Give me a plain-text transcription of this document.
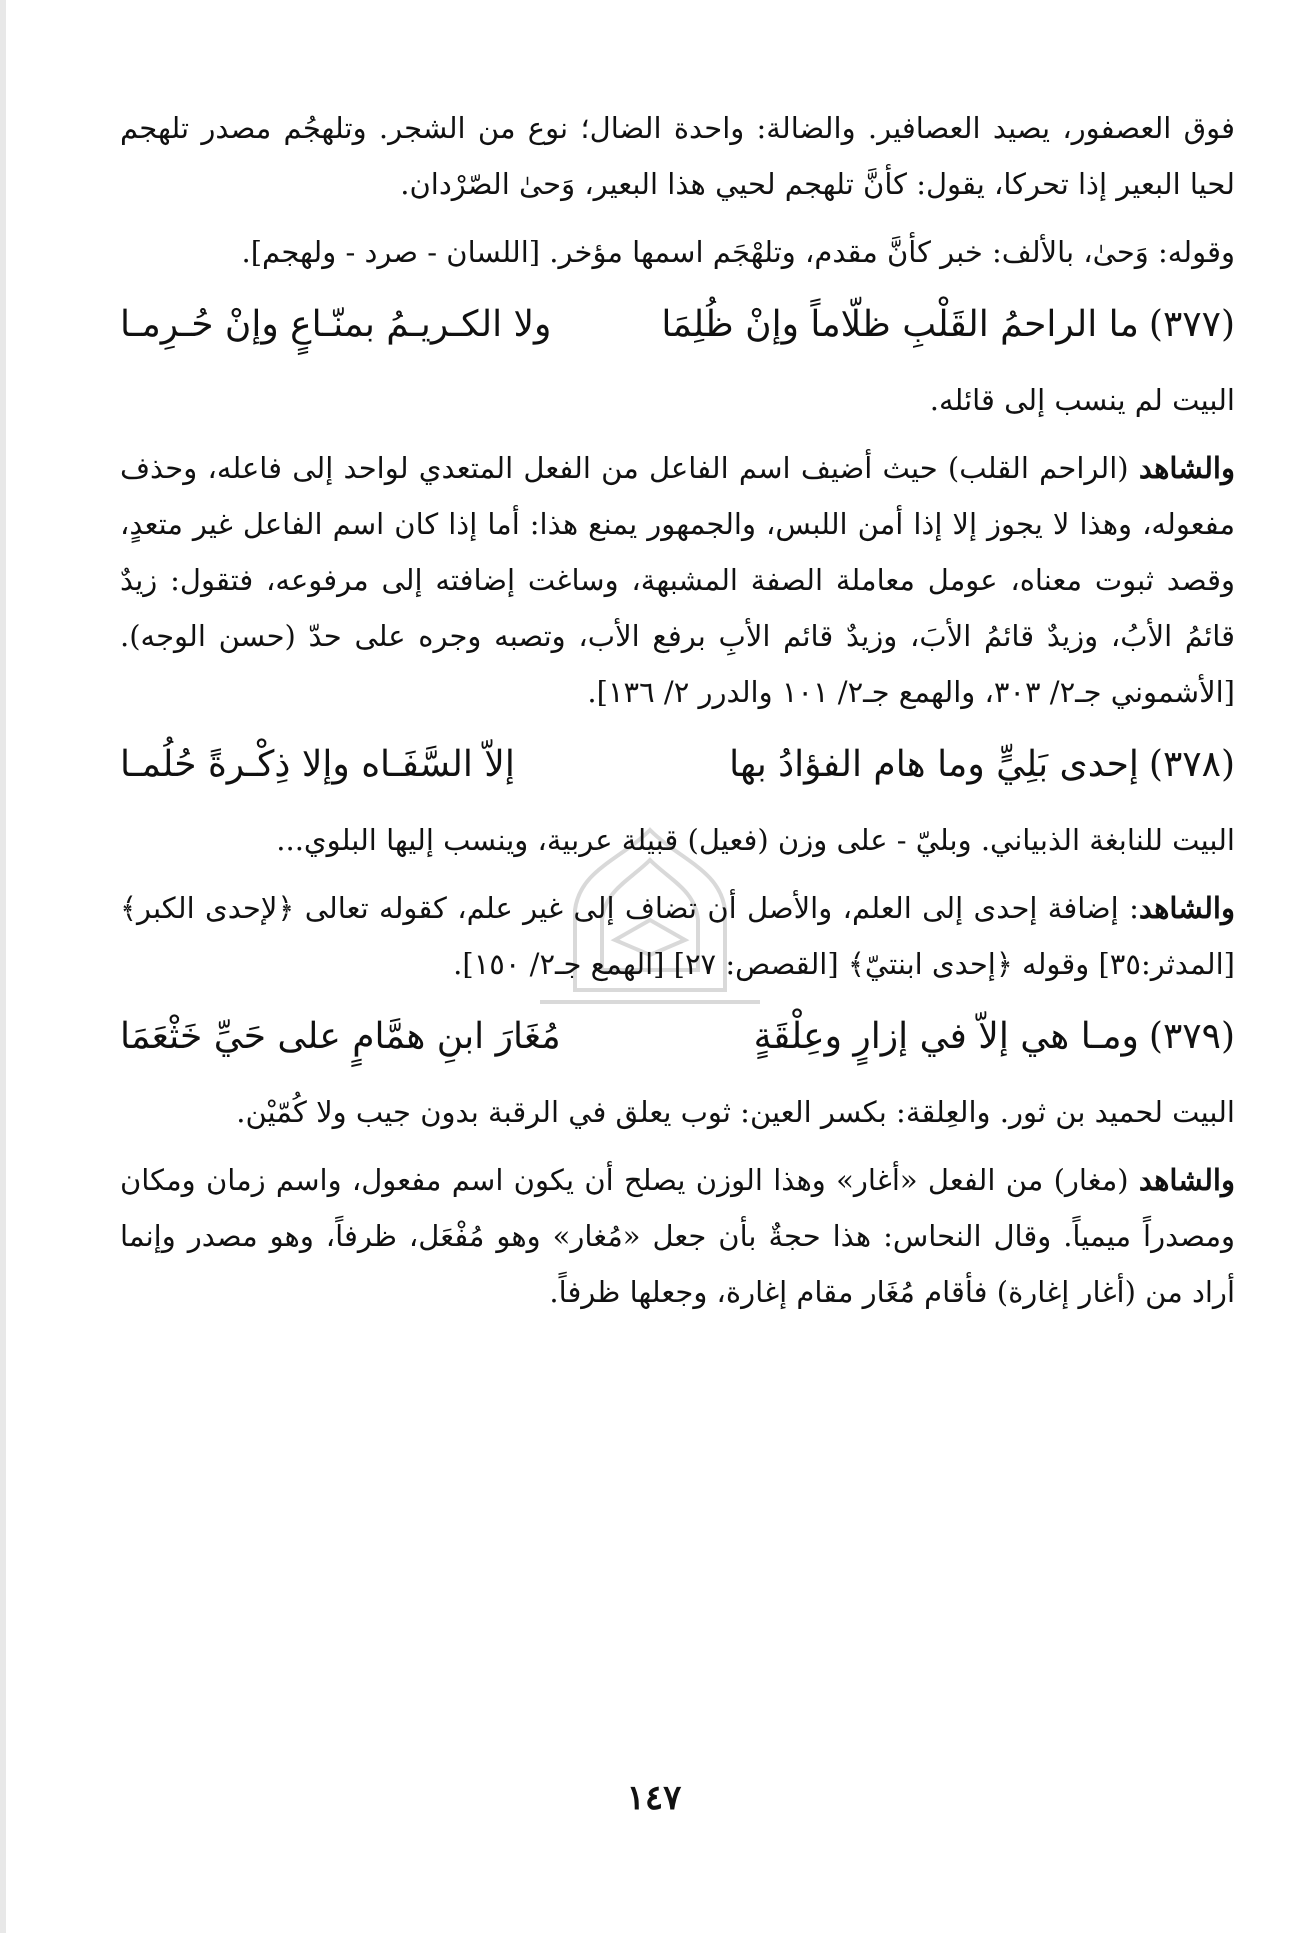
فوق العصفور، يصيد العصافير. والضالة: واحدة الضال؛ نوع من الشجر. وتلهجُم مصدر تلهجم لحيا البعير إذا تحركا، يقول: كأنَّ تلهجم لحيي هذا البعير، وَحىٰ الصّرْدان.

وقوله: وَحىٰ، بالألف: خبر كأنَّ مقدم، وتلهْجَم اسمها مؤخر. [اللسان - صرد - ولهجم].

(٣٧٧)
ما الراحمُ القَلْبِ ظلّاماً وإنْ ظُلِمَا
ولا الكـريـمُ بمنّـاعٍ وإنْ حُـرِمـا

البيت لم ينسب إلى قائله.

والشاهد (الراحم القلب) حيث أضيف اسم الفاعل من الفعل المتعدي لواحد إلى فاعله، وحذف مفعوله، وهذا لا يجوز إلا إذا أمن اللبس، والجمهور يمنع هذا: أما إذا كان اسم الفاعل غير متعدٍ، وقصد ثبوت معناه، عومل معاملة الصفة المشبهة، وساغت إضافته إلى مرفوعه، فتقول: زيدٌ قائمُ الأبُ، وزيدٌ قائمُ الأبَ، وزيدٌ قائم الأبِ برفع الأب، وتصبه وجره على حدّ (حسن الوجه). [الأشموني جـ٢/ ٣٠٣، والهمع جـ٢/ ١٠١ والدرر ٢/ ١٣٦].

(٣٧٨)
إحدى بَلِيٍّ وما هام الفؤادُ بها
إلاّ السَّفَـاه وإلا ذِكْـرةً حُلُمـا

البيت للنابغة الذبياني. وبليّ - على وزن (فعيل) قبيلة عربية، وينسب إليها البلوي...

والشاهد: إضافة إحدى إلى العلم، والأصل أن تضاف إلى غير علم، كقوله تعالى ﴿لإحدى الكبر﴾ [المدثر:٣٥] وقوله ﴿إحدى ابنتيّ﴾ [القصص: ٢٧] [الهمع جـ٢/ ١٥٠].

(٣٧٩)
ومـا هي إلاّ في إزارٍ وعِلْقَةٍ
مُغَارَ ابنِ همَّامٍ على حَيِّ خَثْعَمَا

البيت لحميد بن ثور. والعِلقة: بكسر العين: ثوب يعلق في الرقبة بدون جيب ولا كُمّيْن.

والشاهد (مغار) من الفعل «أغار» وهذا الوزن يصلح أن يكون اسم مفعول، واسم زمان ومكان ومصدراً ميمياً. وقال النحاس: هذا حجةٌ بأن جعل «مُغار» وهو مُفْعَل، ظرفاً، وهو مصدر وإنما أراد من (أغار إغارة) فأقام مُغَار مقام إغارة، وجعلها ظرفاً.

١٤٧
